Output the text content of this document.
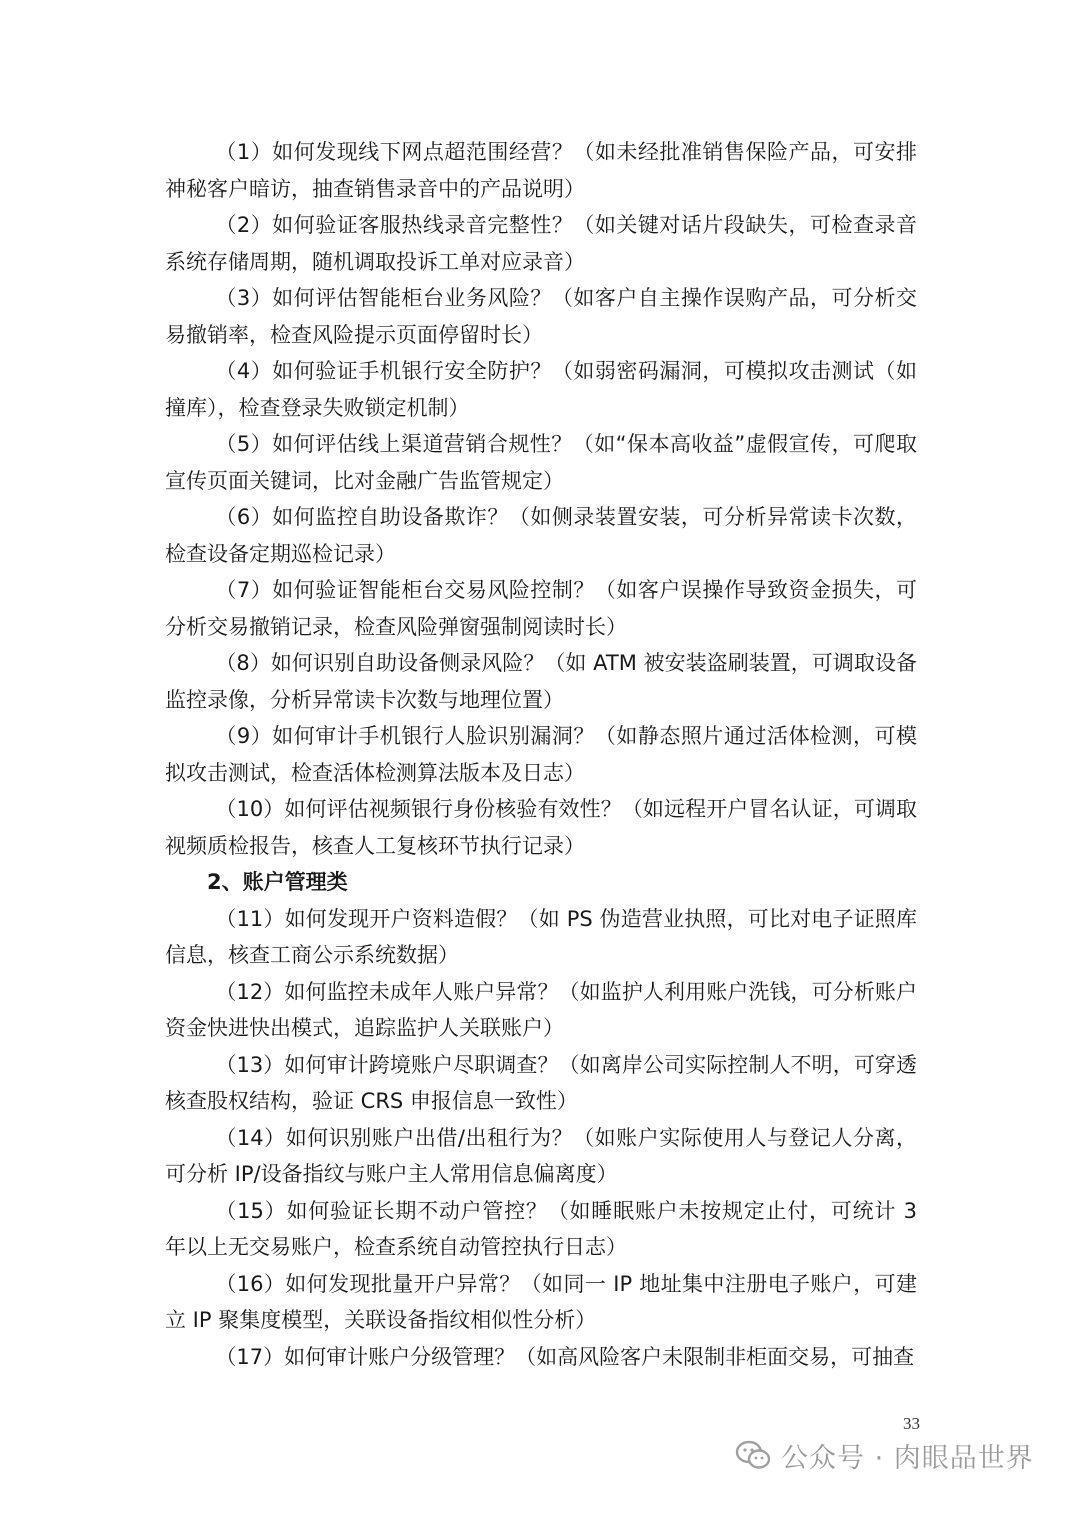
（1）如何发现线下网点超范围经营？（如未经批准销售保险产品，可安排神秘客户暗访，抽查销售录音中的产品说明）

（2）如何验证客服热线录音完整性？（如关键对话片段缺失，可检查录音系统存储周期，随机调取投诉工单对应录音）

（3）如何评估智能柜台业务风险？（如客户自主操作误购产品，可分析交易撤销率，检查风险提示页面停留时长）

（4）如何验证手机银行安全防护？（如弱密码漏洞，可模拟攻击测试（如撞库），检查登录失败锁定机制）

（5）如何评估线上渠道营销合规性？（如“保本高收益”虚假宣传，可爬取宣传页面关键词，比对金融广告监管规定）

（6）如何监控自助设备欺诈？（如侧录装置安装，可分析异常读卡次数，检查设备定期巡检记录）

（7）如何验证智能柜台交易风险控制？（如客户误操作导致资金损失，可分析交易撤销记录，检查风险弹窗强制阅读时长）

（8）如何识别自助设备侧录风险？（如 ATM 被安装盗刷装置，可调取设备监控录像，分析异常读卡次数与地理位置）

（9）如何审计手机银行人脸识别漏洞？（如静态照片通过活体检测，可模拟攻击测试，检查活体检测算法版本及日志）

（10）如何评估视频银行身份核验有效性？（如远程开户冒名认证，可调取视频质检报告，核查人工复核环节执行记录）

2、账户管理类

（11）如何发现开户资料造假？（如 PS 伪造营业执照，可比对电子证照库信息，核查工商公示系统数据）

（12）如何监控未成年人账户异常？（如监护人利用账户洗钱，可分析账户资金快进快出模式，追踪监护人关联账户）

（13）如何审计跨境账户尽职调查？（如离岸公司实际控制人不明，可穿透核查股权结构，验证 CRS 申报信息一致性）

（14）如何识别账户出借/出租行为？（如账户实际使用人与登记人分离，可分析 IP/设备指纹与账户主人常用信息偏离度）

（15）如何验证长期不动户管控？（如睡眠账户未按规定止付，可统计 3 年以上无交易账户，检查系统自动管控执行日志）

（16）如何发现批量开户异常？（如同一 IP 地址集中注册电子账户，可建立 IP 聚集度模型，关联设备指纹相似性分析）

（17）如何审计账户分级管理？（如高风险客户未限制非柜面交易，可抽查

33
公众号 · 肉眼品世界
